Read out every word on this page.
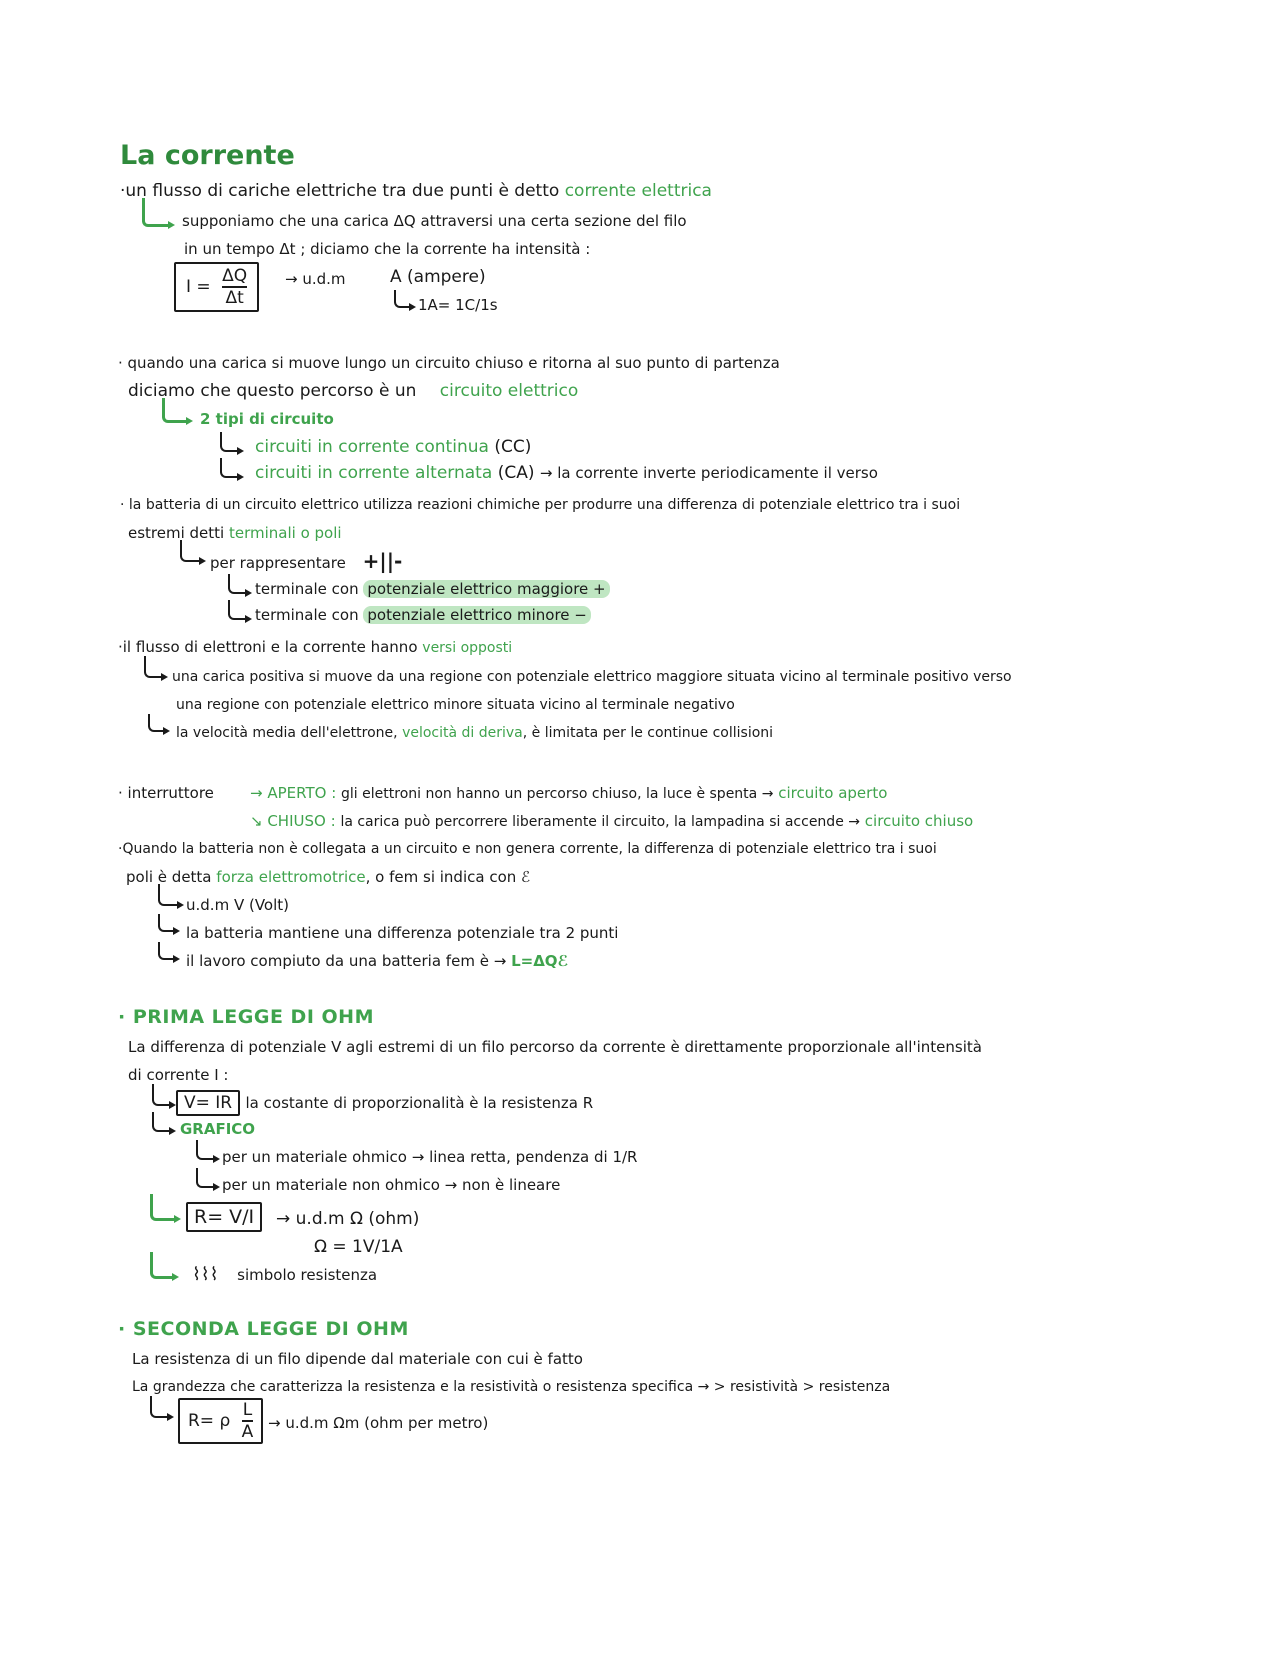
La corrente
·un flusso di cariche elettriche tra due punti è detto corrente elettrica
supponiamo che una carica ΔQ attraversi una certa sezione del filo
in un tempo Δt ; diciamo che la corrente ha intensità :
$I = \frac{\Delta Q}{\Delta t}$	→ u.d.m	A (ampere)
1A= 1C/1s
· quando una carica si muove lungo un circuito chiuso e ritorna al suo punto di partenza
diciamo che questo percorso è un circuito elettrico
2 tipi di circuito
circuiti in corrente continua (CC)
circuiti in corrente alternata (CA) → la corrente inverte periodicamente il verso
· la batteria di un circuito elettrico utilizza reazioni chimiche per produrre una differenza di potenziale elettrico tra i suoi
estremi detti terminali o poli
per rappresentare +||-
terminale con potenziale elettrico maggiore +
terminale con potenziale elettrico minore −
·il flusso di elettroni e la corrente hanno versi opposti
una carica positiva si muove da una regione con potenziale elettrico maggiore situata vicino al terminale positivo verso
una regione con potenziale elettrico minore situata vicino al terminale negativo
la velocità media dell'elettrone, velocità di deriva, è limitata per le continue collisioni
· interruttore → APERTO : gli elettroni non hanno un percorso chiuso, la luce è spenta → circuito aperto
↘ CHIUSO : la carica può percorrere liberamente il circuito, la lampadina si accende → circuito chiuso
·Quando la batteria non è collegata a un circuito e non genera corrente, la differenza di potenziale elettrico tra i suoi
poli è detta forza elettromotrice, o fem si indica con ℰ
u.d.m V (Volt)
la batteria mantiene una differenza potenziale tra 2 punti
il lavoro compiuto da una batteria fem è → L=ΔQℰ
· PRIMA LEGGE DI OHM
La differenza di potenziale V agli estremi di un filo percorso da corrente è direttamente proporzionale all'intensità
di corrente I :
V= IR la costante di proporzionalità è la resistenza R
GRAFICO
per un materiale ohmico → linea retta, pendenza di 1/R
per un materiale non ohmico → non è lineare
R= V/I	→ u.d.m Ω (ohm)
Ω = 1V/1A
⌇⌇⌇ simbolo resistenza
· SECONDA LEGGE DI OHM
La resistenza di un filo dipende dal materiale con cui è fatto
La grandezza che caratterizza la resistenza e la resistività o resistenza specifica → > resistività > resistenza
R= ρ $\frac{L}{A} \to u.d.m$ Ωm (ohm per metro)
